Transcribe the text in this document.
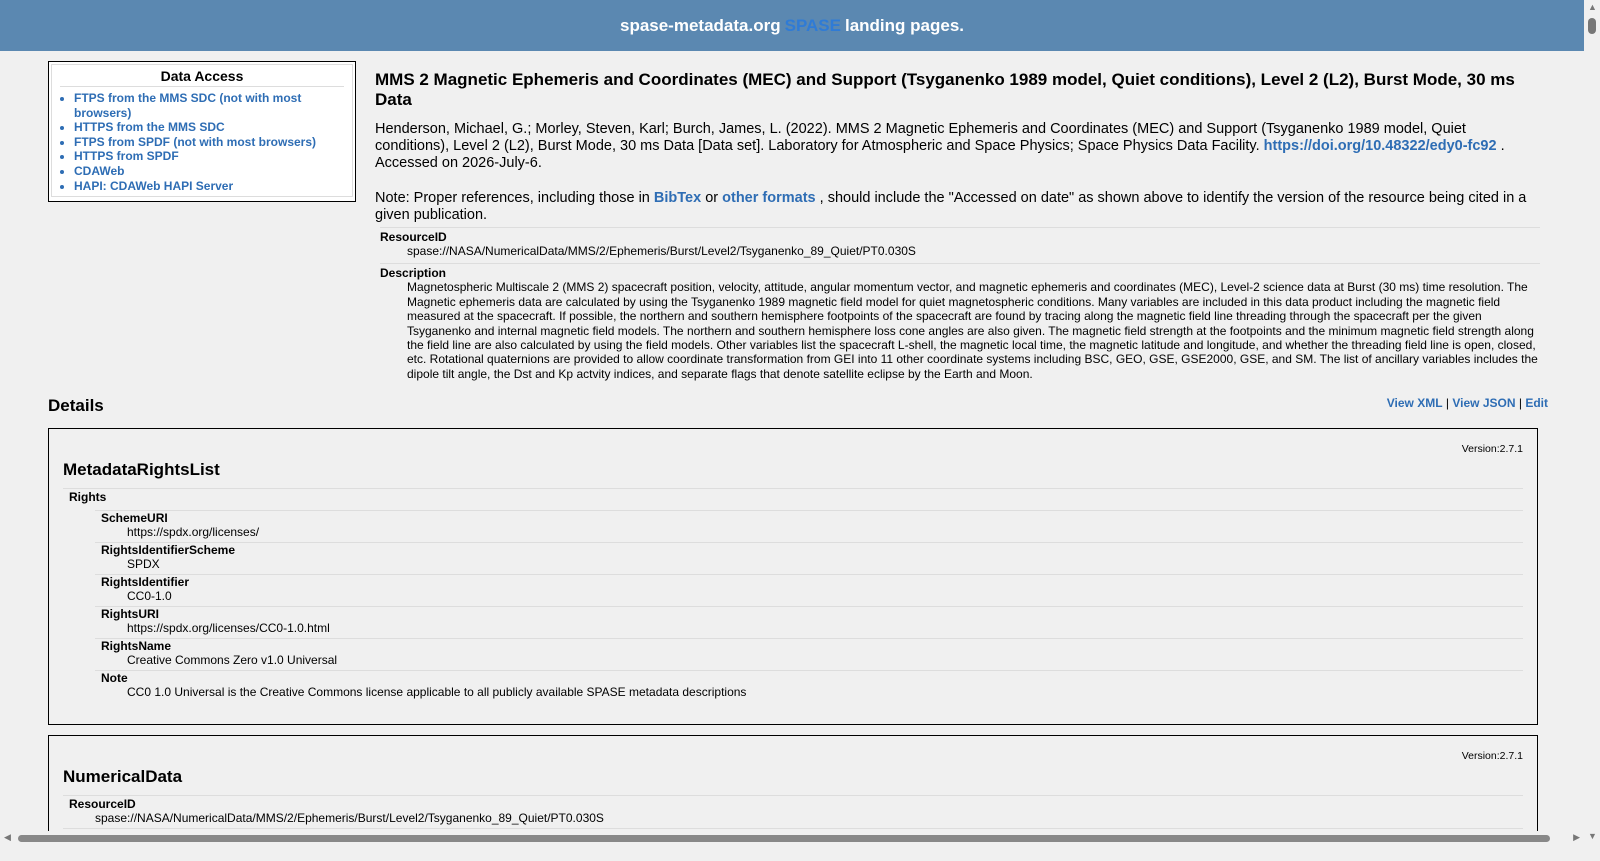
spase-metadata.org SPASE landing pages.
Data Access
• FTPS from the MMS SDC (not with most browsers)
• HTTPS from the MMS SDC
• FTPS from SPDF (not with most browsers)
• HTTPS from SPDF
• CDAWeb
• HAPI: CDAWeb HAPI Server

MMS 2 Magnetic Ephemeris and Coordinates (MEC) and Support (Tsyganenko 1989 model, Quiet conditions), Level 2 (L2), Burst Mode, 30 ms Data

Henderson, Michael, G.; Morley, Steven, Karl; Burch, James, L. (2022). MMS 2 Magnetic Ephemeris and Coordinates (MEC) and Support (Tsyganenko 1989 model, Quiet conditions), Level 2 (L2), Burst Mode, 30 ms Data [Data set]. Laboratory for Atmospheric and Space Physics; Space Physics Data Facility. https://doi.org/10.48322/edy0-fc92 . Accessed on 2026-July-6.

Note: Proper references, including those in BibTex or other formats , should include the "Accessed on date" as shown above to identify the version of the resource being cited in a given publication.

ResourceID
spase://NASA/NumericalData/MMS/2/Ephemeris/Burst/Level2/Tsyganenko_89_Quiet/PT0.030S
Description
Magnetospheric Multiscale 2 (MMS 2) spacecraft position, velocity, attitude, angular momentum vector, and magnetic ephemeris and coordinates (MEC), Level-2 science data at Burst (30 ms) time resolution. The Magnetic ephemeris data are calculated by using the Tsyganenko 1989 magnetic field model for quiet magnetospheric conditions. Many variables are included in this data product including the magnetic field measured at the spacecraft. If possible, the northern and southern hemisphere footpoints of the spacecraft are found by tracing along the magnetic field line threading through the spacecraft per the given Tsyganenko and internal magnetic field models. The northern and southern hemisphere loss cone angles are also given. The magnetic field strength at the footpoints and the minimum magnetic field strength along the field line are also calculated by using the field models. Other variables list the spacecraft L-shell, the magnetic local time, the magnetic latitude and longitude, and whether the threading field line is open, closed, etc. Rotational quaternions are provided to allow coordinate transformation from GEI into 11 other coordinate systems including BSC, GEO, GSE, GSE2000, GSE, and SM. The list of ancillary variables includes the dipole tilt angle, the Dst and Kp actvity indices, and separate flags that denote satellite eclipse by the Earth and Moon.
Details	View XML | View JSON | Edit
Version:2.7.1
MetadataRightsList
Rights
SchemeURI
https://spdx.org/licenses/
RightsIdentifierScheme
SPDX
RightsIdentifier
CC0-1.0
RightsURI
https://spdx.org/licenses/CC0-1.0.html
RightsName
Creative Commons Zero v1.0 Universal
Note
CC0 1.0 Universal is the Creative Commons license applicable to all publicly available SPASE metadata descriptions
Version:2.7.1
NumericalData
ResourceID
spase://NASA/NumericalData/MMS/2/Ephemeris/Burst/Level2/Tsyganenko_89_Quiet/PT0.030S
▲
▼
◀	▶
